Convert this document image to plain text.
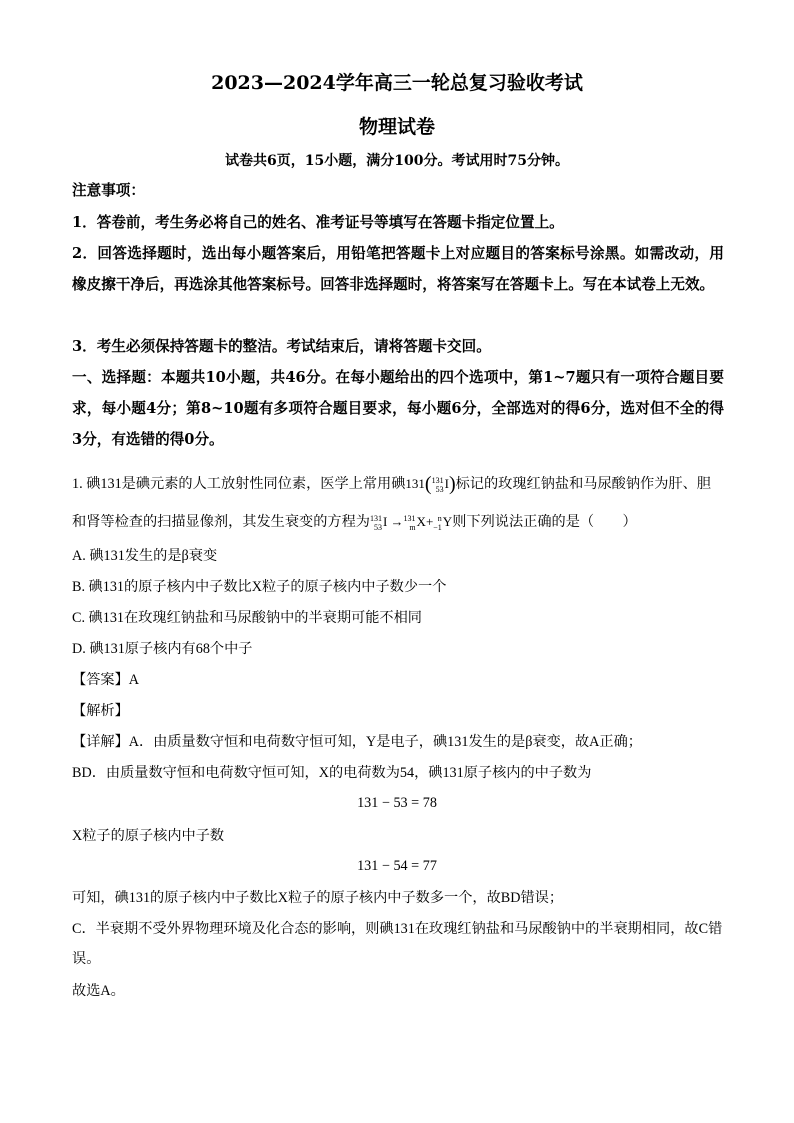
2023—2024学年高三一轮总复习验收考试
物理试卷
试卷共6页，15小题，满分100分。考试用时75分钟。
注意事项：
1．答卷前，考生务必将自己的姓名、准考证号等填写在答题卡指定位置上。
2．回答选择题时，选出每小题答案后，用铅笔把答题卡上对应题目的答案标号涂黑。如需改动，用橡皮擦干净后，再选涂其他答案标号。回答非选择题时，将答案写在答题卡上。写在本试卷上无效。
3．考生必须保持答题卡的整洁。考试结束后，请将答题卡交回。
一、选择题：本题共10小题，共46分。在每小题给出的四个选项中，第1~7题只有一项符合题目要求，每小题4分；第8~10题有多项符合题目要求，每小题6分，全部选对的得6分，选对但不全的得3分，有选错的得0分。
1. 碘131是碘元素的人工放射性同位素，医学上常用碘131(131
53I)标记的玫瑰红钠盐和马尿酸钠作为肝、胆
和肾等检查的扫描显像剂，其发生衰变的方程为131
53I →131
mX+ n
−1Y则下列说法正确的是（　　）
A. 碘131发生的是β衰变
B. 碘131的原子核内中子数比X粒子的原子核内中子数少一个
C. 碘131在玫瑰红钠盐和马尿酸钠中的半衰期可能不相同
D. 碘131原子核内有68个中子
【答案】A
【解析】
【详解】A．由质量数守恒和电荷数守恒可知，Y是电子，碘131发生的是β衰变，故A正确；
BD．由质量数守恒和电荷数守恒可知，X的电荷数为54，碘131原子核内的中子数为
131 − 53 = 78
X粒子的原子核内中子数
131 − 54 = 77
可知，碘131的原子核内中子数比X粒子的原子核内中子数多一个，故BD错误；
C．半衰期不受外界物理环境及化合态的影响，则碘131在玫瑰红钠盐和马尿酸钠中的半衰期相同，故C错误。
故选A。
